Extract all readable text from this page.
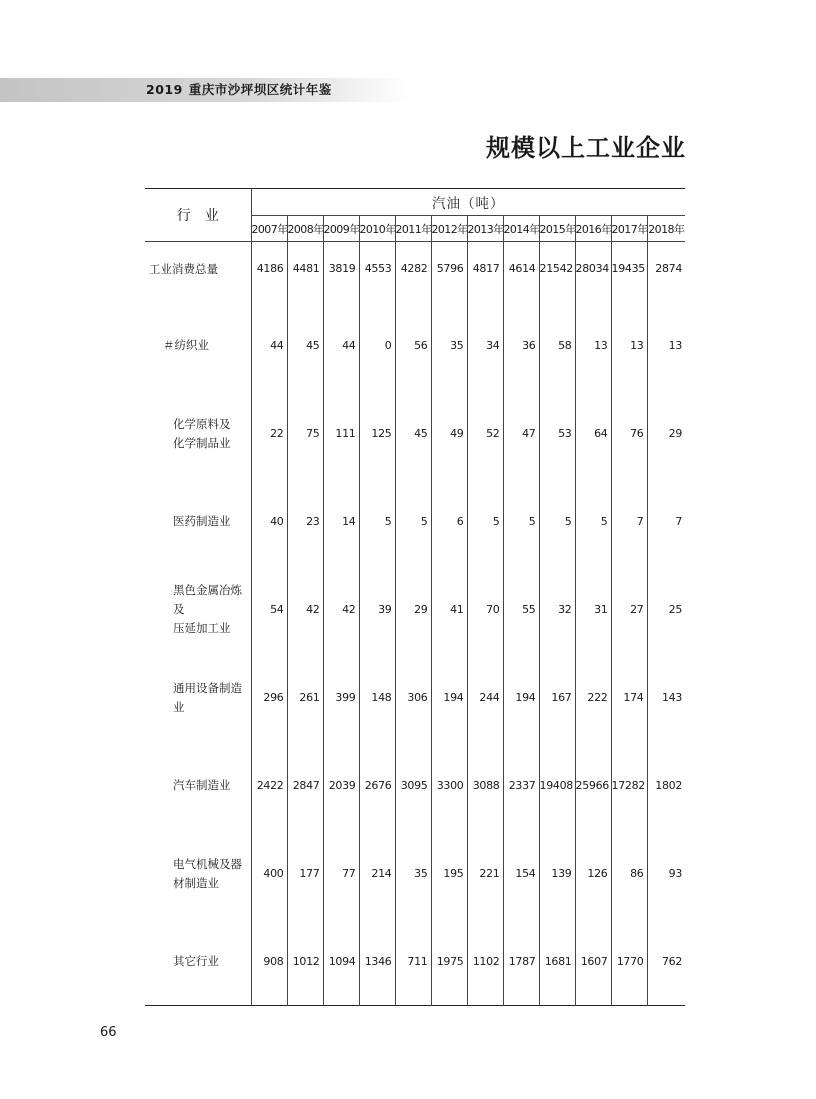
2019 重庆市沙坪坝区统计年鉴
规模以上工业企业
行业	汽油（吨）											
	2007年	2008年	2009年	2010年	2011年	2012年	2013年	2014年	2015年	2016年	2017年	2018年
工业消费总量	4186	4481	3819	4553	4282	5796	4817	4614	21542	28034	19435	2874
＃纺织业	44	45	44	0	56	35	34	36	58	13	13	13
化学原料及
化学制品业	22	75	111	125	45	49	52	47	53	64	76	29
医药制造业	40	23	14	5	5	6	5	5	5	5	7	7
黑色金属冶炼及
压延加工业	54	42	42	39	29	41	70	55	32	31	27	25
通用设备制造业	296	261	399	148	306	194	244	194	167	222	174	143
汽车制造业	2422	2847	2039	2676	3095	3300	3088	2337	19408	25966	17282	1802
电气机械及器
材制造业	400	177	77	214	35	195	221	154	139	126	86	93
其它行业	908	1012	1094	1346	711	1975	1102	1787	1681	1607	1770	762
66
